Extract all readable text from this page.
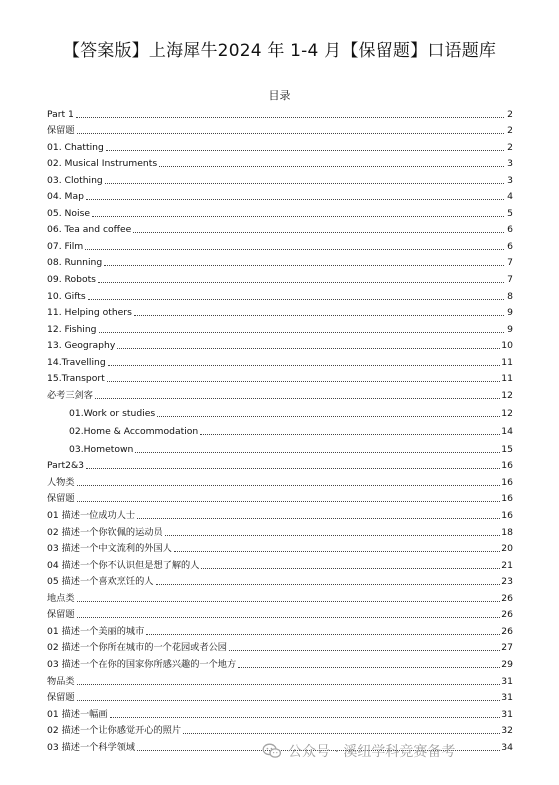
【答案版】上海犀牛2024 年 1-4 月【保留题】口语题库
目录
Part 1	2
保留题	2
01. Chatting	2
02. Musical Instruments	3
03. Clothing	3
04. Map	4
05. Noise	5
06. Tea and coffee	6
07. Film	6
08. Running	7
09. Robots	7
10. Gifts	8
11. Helping others	9
12. Fishing	9
13. Geography	10
14.Travelling	11
15.Transport	11
必考三剑客	12
01.Work or studies	12
02.Home & Accommodation	14
03.Hometown	15
Part2&3	16
人物类	16
保留题	16
01 描述一位成功人士	16
02 描述一个你钦佩的运动员	18
03 描述一个中文流利的外国人	20
04 描述一个你不认识但是想了解的人	21
05 描述一个喜欢烹饪的人	23
地点类	26
保留题	26
01 描述一个美丽的城市	26
02 描述一个你所在城市的一个花园或者公园	27
03 描述一个在你的国家你所感兴趣的一个地方	29
物品类	31
保留题	31
01 描述一幅画	31
02 描述一个让你感觉开心的照片	32
03 描述一个科学领域	34
公众号 · 溪纽学科竞赛备考
